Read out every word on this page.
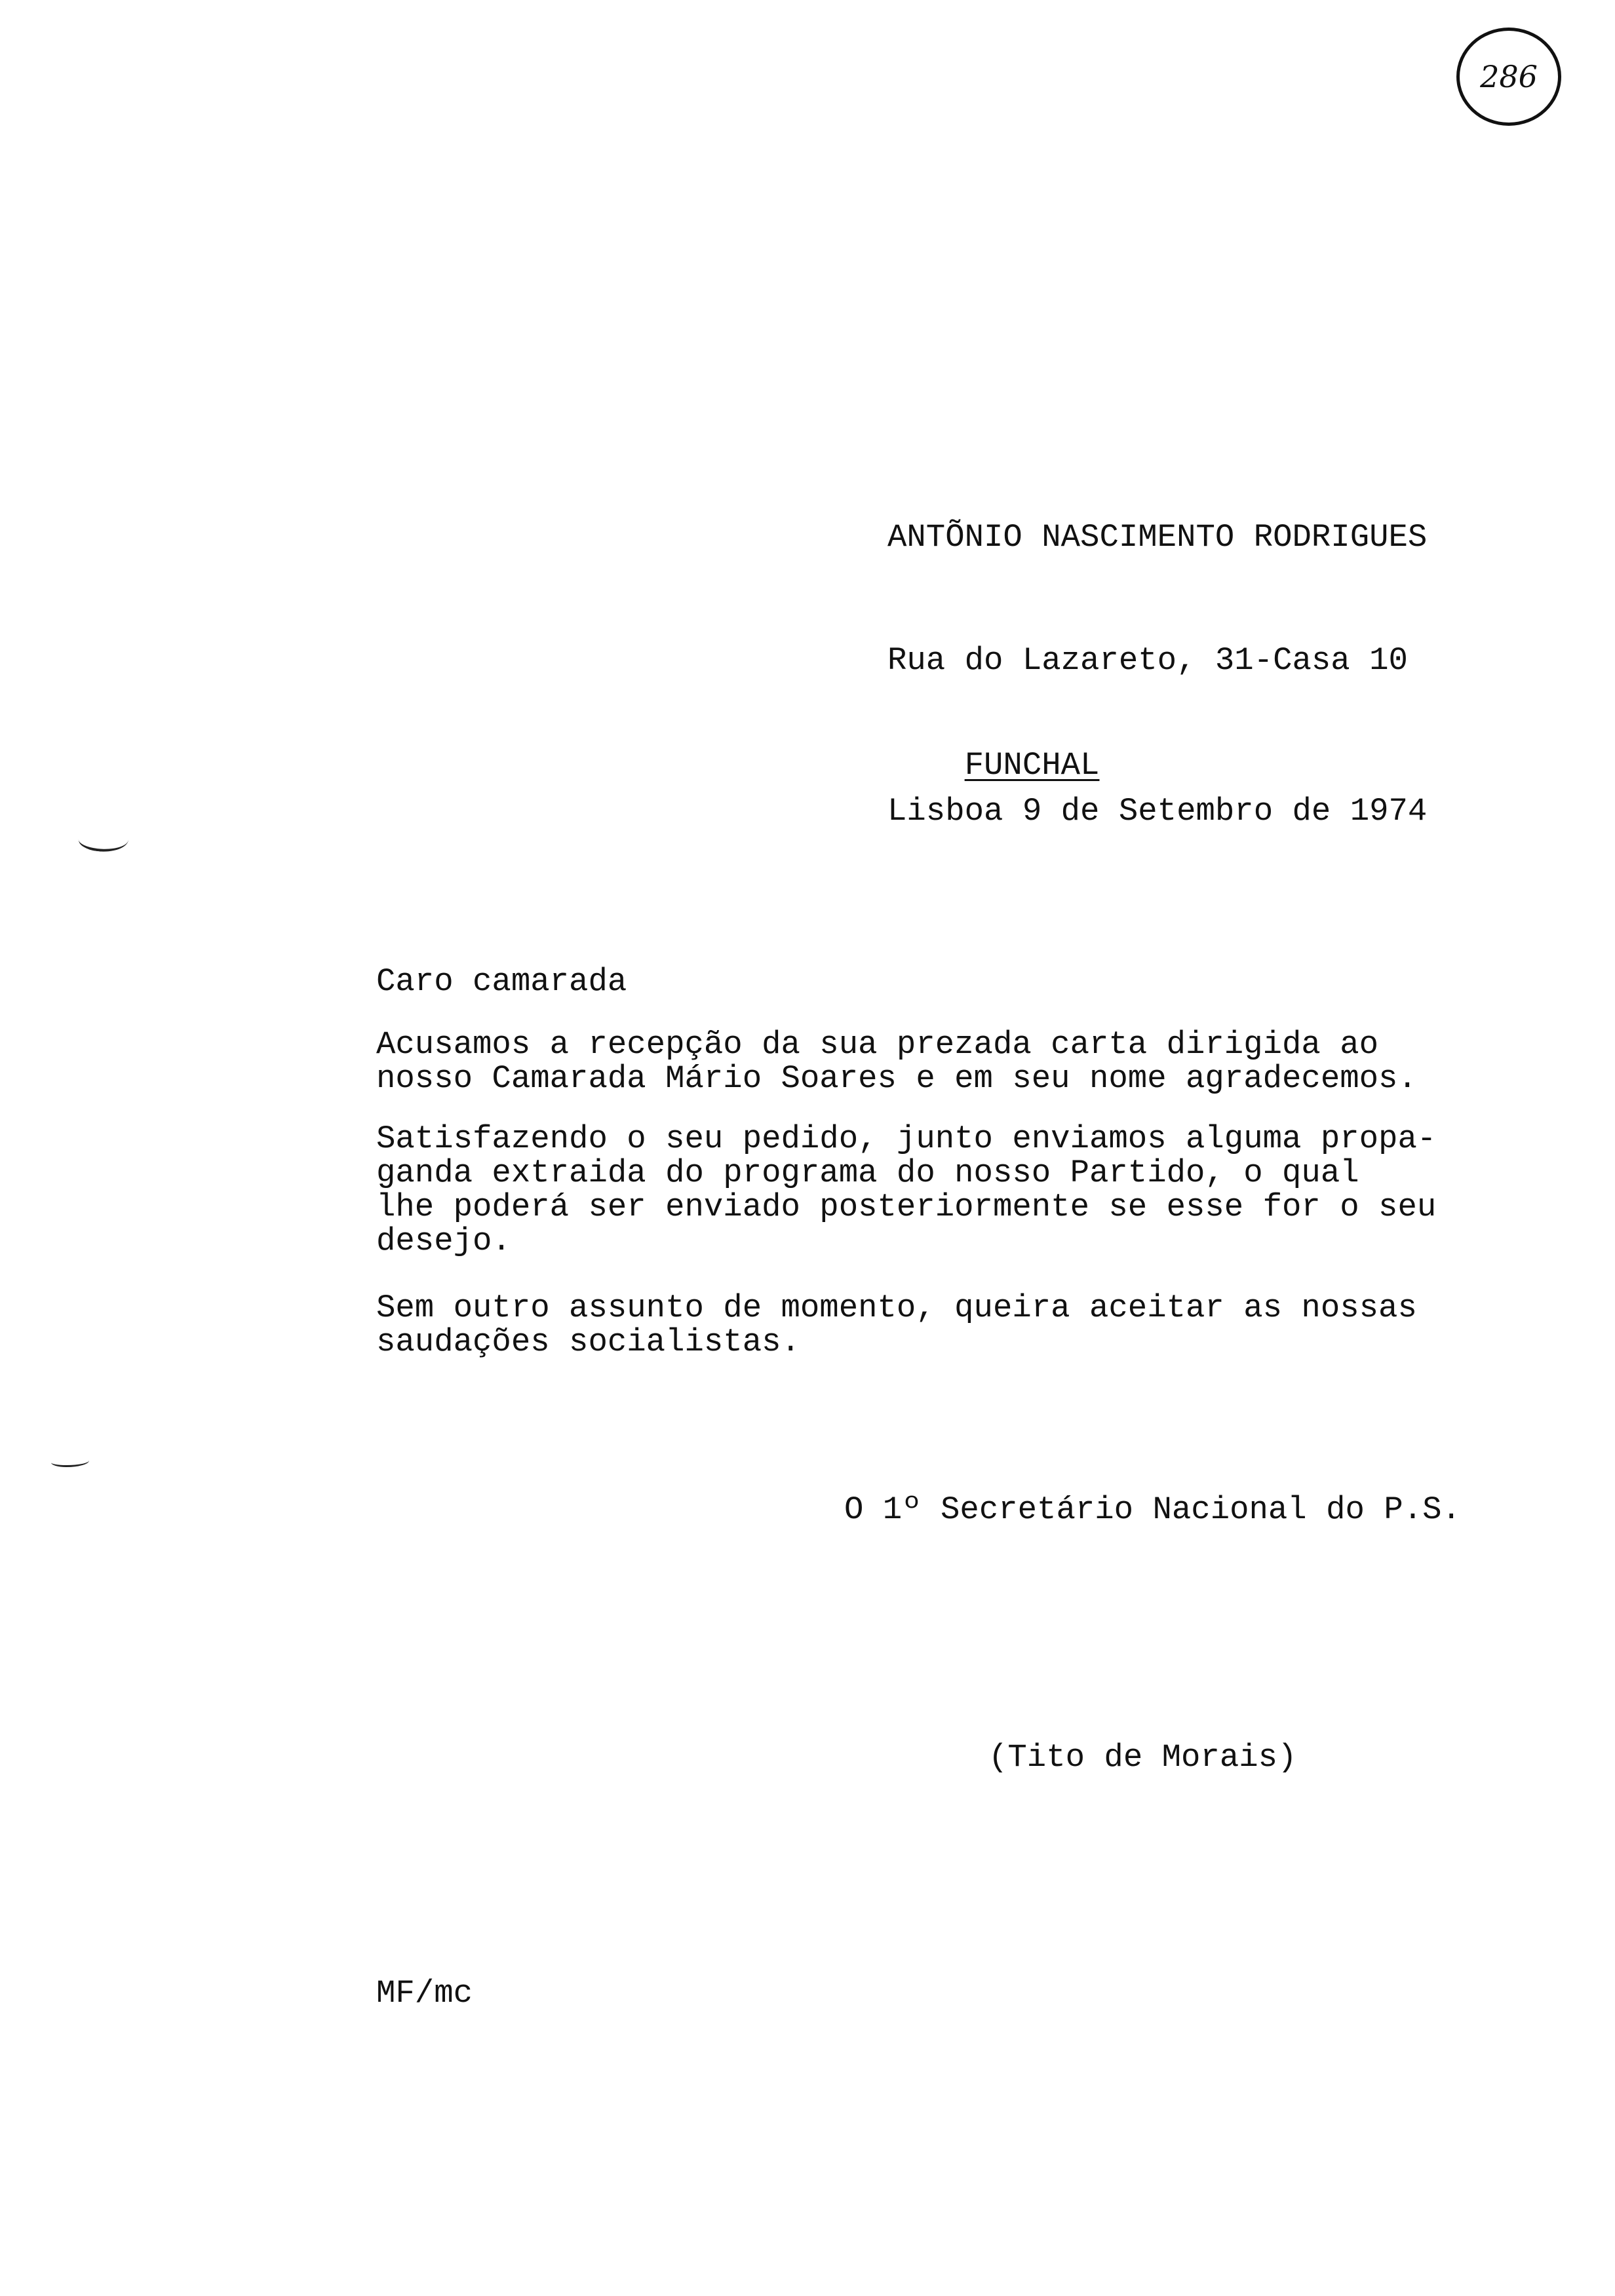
286

ANTÕNIO NASCIMENTO RODRIGUES

Rua do Lazareto, 31-Casa 10

FUNCHAL

Lisboa 9 de Setembro de 1974
Caro camarada
Acusamos a recepção da sua prezada carta dirigida ao
nosso Camarada Mário Soares e em seu nome agradecemos.
Satisfazendo o seu pedido, junto enviamos alguma propa-
ganda extraida do programa do nosso Partido, o qual
lhe poderá ser enviado posteriormente se esse for o seu
desejo.
Sem outro assunto de momento, queira aceitar as nossas
saudações socialistas.
O 1º Secretário Nacional do P.S.
(Tito de Morais)
MF/mc
